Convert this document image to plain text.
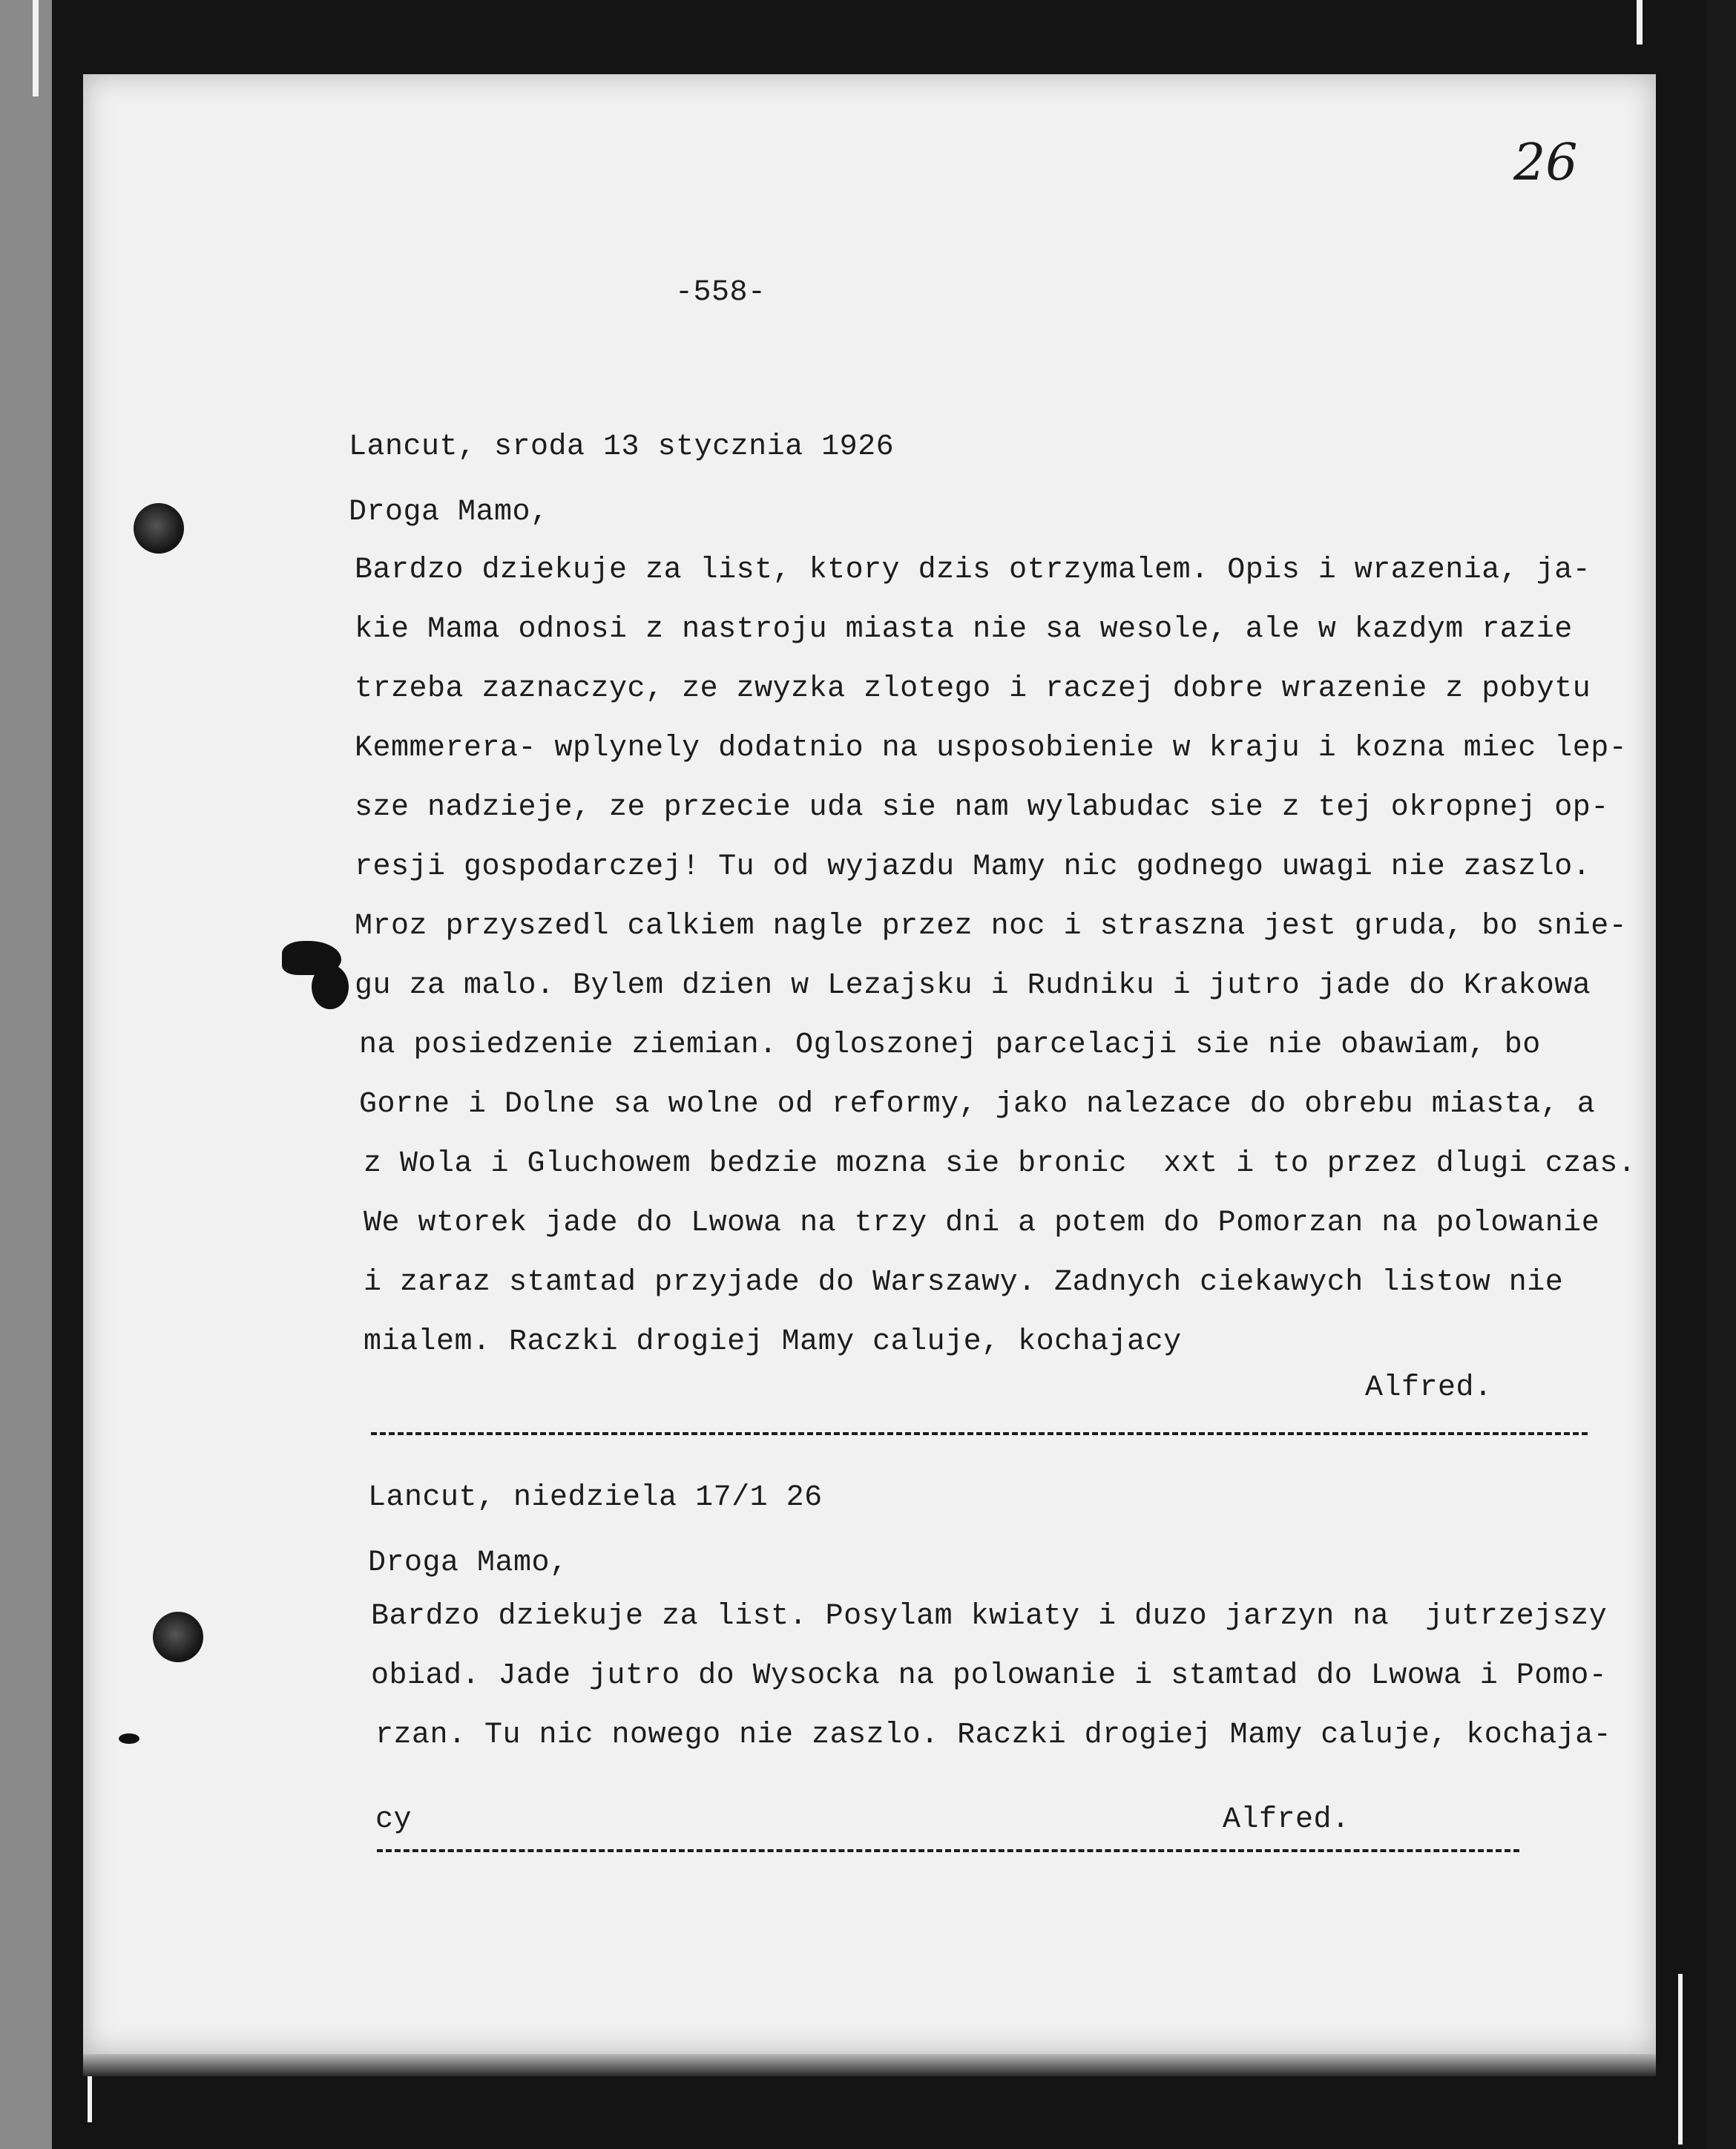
26
-558-
Lancut, sroda 13 stycznia 1926
Droga Mamo,
Bardzo dziekuje za list, ktory dzis otrzymalem. Opis i wrazenia, ja-
kie Mama odnosi z nastroju miasta nie sa wesole, ale w kazdym razie
trzeba zaznaczyc, ze zwyzka zlotego i raczej dobre wrazenie z pobytu
Kemmerera- wplynely dodatnio na usposobienie w kraju i kozna miec lep-
sze nadzieje, ze przecie uda sie nam wylabudac sie z tej okropnej op-
resji gospodarczej! Tu od wyjazdu Mamy nic godnego uwagi nie zaszlo.
Mroz przyszedl calkiem nagle przez noc i straszna jest gruda, bo snie-
gu za malo. Bylem dzien w Lezajsku i Rudniku i jutro jade do Krakowa
na posiedzenie ziemian. Ogloszonej parcelacji sie nie obawiam, bo
Gorne i Dolne sa wolne od reformy, jako nalezace do obrebu miasta, a
z Wola i Gluchowem bedzie mozna sie bronic  xxt i to przez dlugi czas.
We wtorek jade do Lwowa na trzy dni a potem do Pomorzan na polowanie
i zaraz stamtad przyjade do Warszawy. Zadnych ciekawych listow nie
mialem. Raczki drogiej Mamy caluje, kochajacy
Alfred.
Lancut, niedziela 17/1 26
Droga Mamo,
Bardzo dziekuje za list. Posylam kwiaty i duzo jarzyn na  jutrzejszy
obiad. Jade jutro do Wysocka na polowanie i stamtad do Lwowa i Pomo-
rzan. Tu nic nowego nie zaszlo. Raczki drogiej Mamy caluje, kochaja-
cy	Alfred.
